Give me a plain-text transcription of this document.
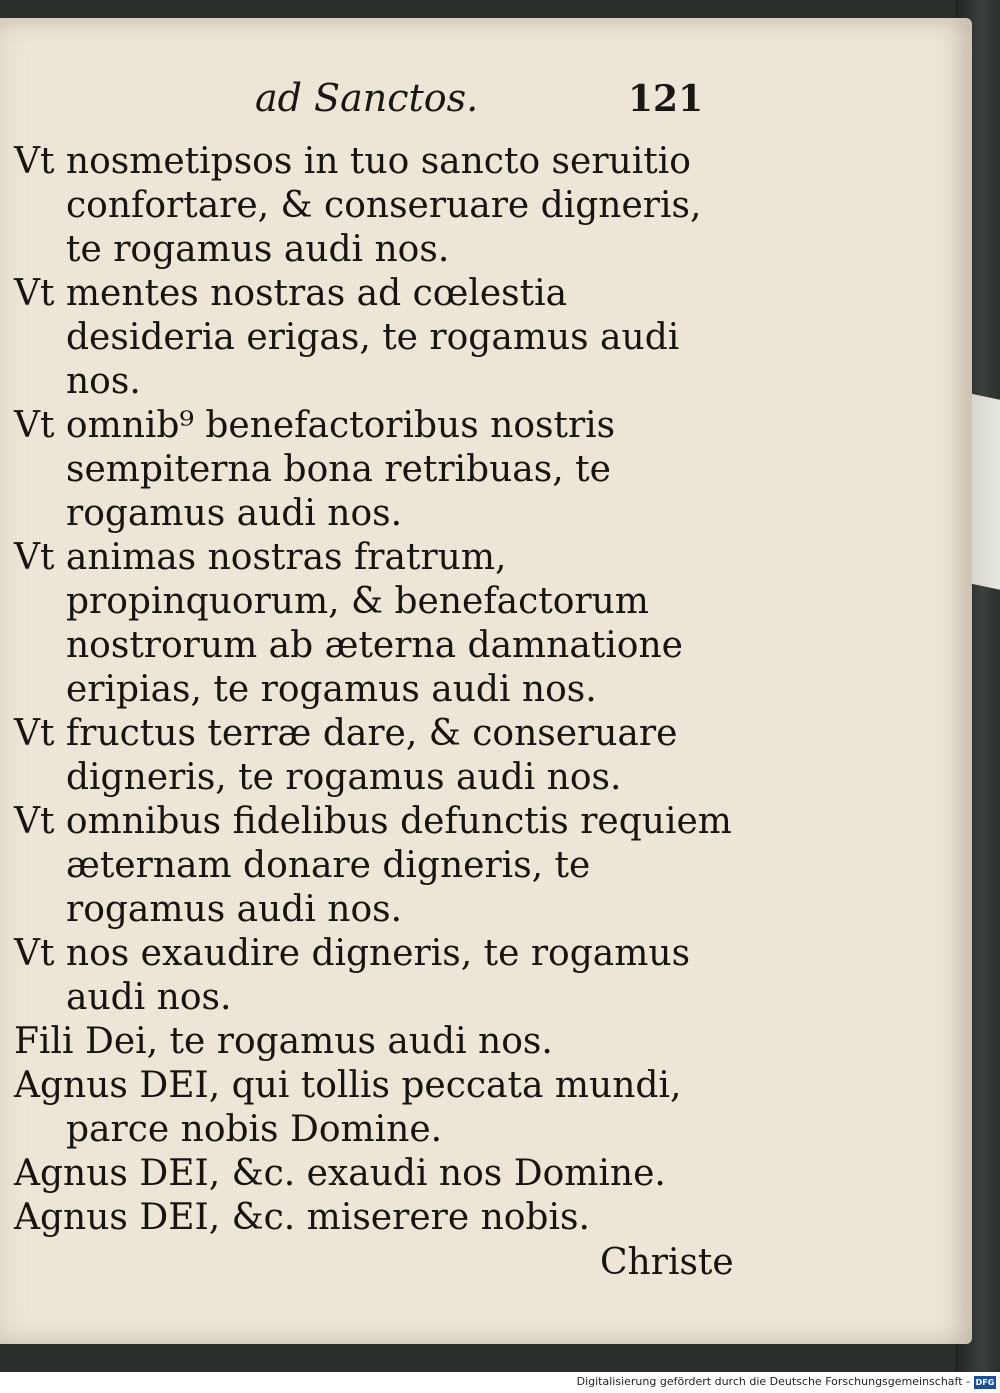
ad Sanctos.	121

Vt nosmetipsos in tuo sancto seruitio confortare, & conseruare digneris, te rogamus audi nos.

Vt mentes nostras ad cœlestia desideria erigas, te rogamus audi nos.

Vt omnib⁹ benefactoribus nostris sempiterna bona retribuas, te rogamus audi nos.

Vt animas nostras fratrum, propinquorum, & benefactorum nostrorum ab æterna damnatione eripias, te rogamus audi nos.

Vt fructus terræ dare, & conseruare digneris, te rogamus audi nos.

Vt omnibus fidelibus defunctis requiem æternam donare digneris, te rogamus audi nos.

Vt nos exaudire digneris, te rogamus audi nos.

Fili Dei, te rogamus audi nos.

Agnus DEI, qui tollis peccata mundi, parce nobis Domine.

Agnus DEI, &c. exaudi nos Domine.

Agnus DEI, &c. miserere nobis.

Christe
Digitalisierung gefördert durch die Deutsche Forschungsgemeinschaft - DFG
